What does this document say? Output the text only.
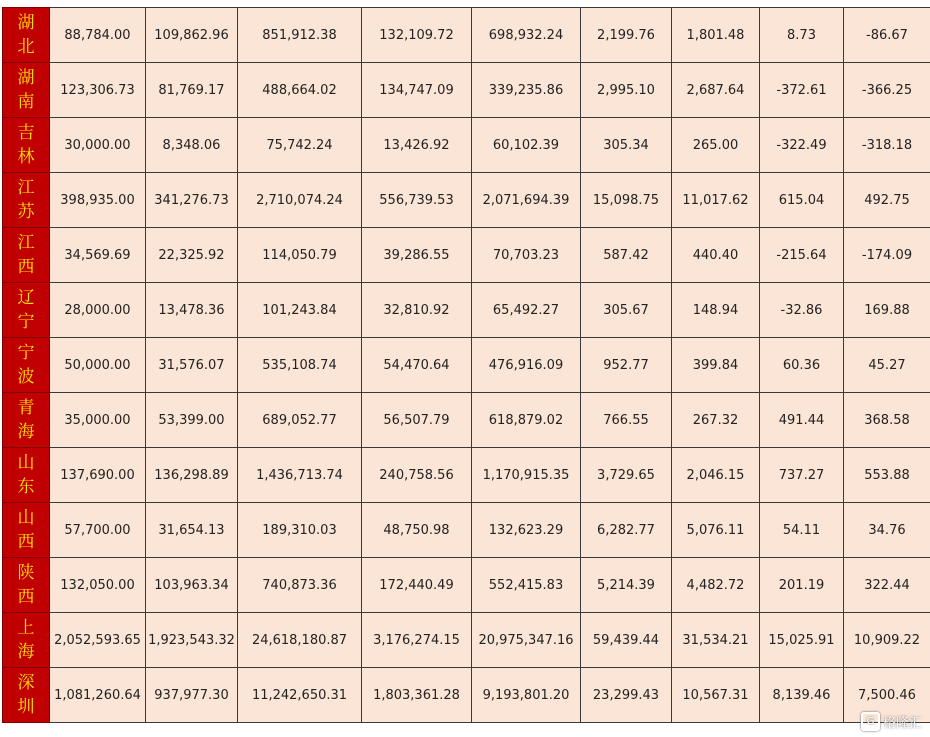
湖
北	88,784.00	109,862.96	851,912.38	132,109.72	698,932.24	2,199.76	1,801.48	8.73	-86.67

湖
南	123,306.73	81,769.17	488,664.02	134,747.09	339,235.86	2,995.10	2,687.64	-372.61	-366.25

吉
林	30,000.00	8,348.06	75,742.24	13,426.92	60,102.39	305.34	265.00	-322.49	-318.18

江
苏	398,935.00	341,276.73	2,710,074.24	556,739.53	2,071,694.39	15,098.75	11,017.62	615.04	492.75

江
西	34,569.69	22,325.92	114,050.79	39,286.55	70,703.23	587.42	440.40	-215.64	-174.09

辽
宁	28,000.00	13,478.36	101,243.84	32,810.92	65,492.27	305.67	148.94	-32.86	169.88

宁
波	50,000.00	31,576.07	535,108.74	54,470.64	476,916.09	952.77	399.84	60.36	45.27

青
海	35,000.00	53,399.00	689,052.77	56,507.79	618,879.02	766.55	267.32	491.44	368.58

山
东	137,690.00	136,298.89	1,436,713.74	240,758.56	1,170,915.35	3,729.65	2,046.15	737.27	553.88

山
西	57,700.00	31,654.13	189,310.03	48,750.98	132,623.29	6,282.77	5,076.11	54.11	34.76

陕
西	132,050.00	103,963.34	740,873.36	172,440.49	552,415.83	5,214.39	4,482.72	201.19	322.44

上
海	2,052,593.65	1,923,543.32	24,618,180.87	3,176,274.15	20,975,347.16	59,439.44	31,534.21	15,025.91	10,909.22

深
圳	1,081,260.64	937,977.30	11,242,650.31	1,803,361.28	9,193,801.20	23,299.43	10,567.31	8,139.46	7,500.46
G 格隆汇
